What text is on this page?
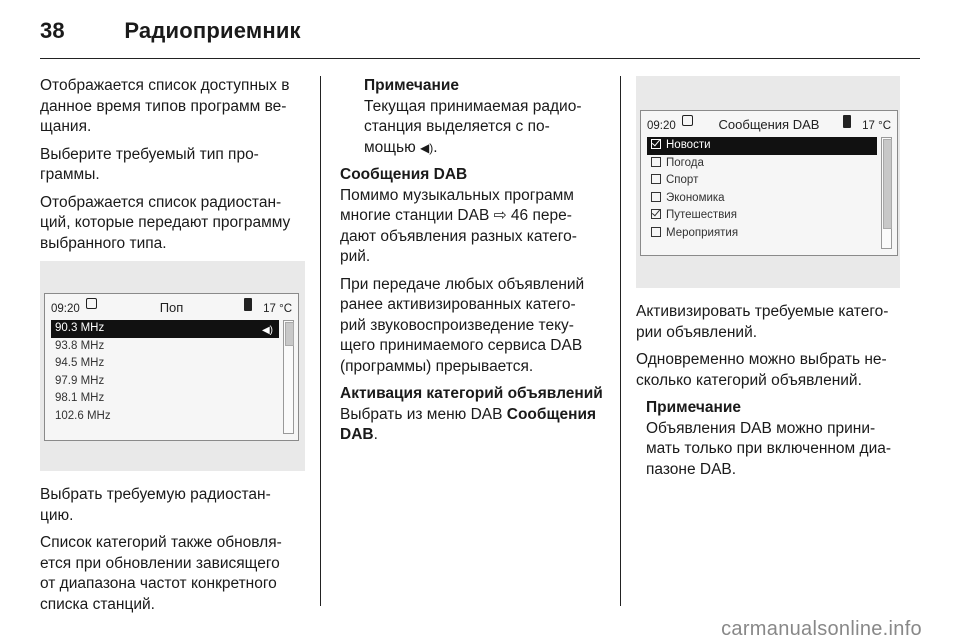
38	Радиоприемник

Отображается список доступных в
данное время типов программ ве-
щания.

Выберите требуемый тип про-
граммы.

Отображается список радиостан-
ций, которые передают программу
выбранного типа.

09:20	Поп	17 °C
90.3 MHz	◀)
93.8 MHz
94.5 MHz
97.9 MHz
98.1 MHz
102.6 MHz

Выбрать требуемую радиостан-
цию.

Список категорий также обновля-
ется при обновлении зависящего
от диапазона частот конкретного
списка станций.

Примечание

Текущая принимаемая радио-
станция выделяется с по-
мощью ◀).

Сообщения DAB

Помимо музыкальных программ
многие станции DAB ⇨ 46 пере-
дают объявления разных катего-
рий.

При передаче любых объявлений
ранее активизированных катего-
рий звуковоспроизведение теку-
щего принимаемого сервиса DAB
(программы) прерывается.

Активация категорий объявлений

Выбрать из меню DAB Сообщения
DAB.

09:20	Сообщения DAB	17 °C
Новости
Погода
Спорт
Экономика
Путешествия
Мероприятия

Активизировать требуемые катего-
рии объявлений.

Одновременно можно выбрать не-
сколько категорий объявлений.

Примечание

Объявления DAB можно прини-
мать только при включенном диа-
пазоне DAB.

carmanualsonline.info
